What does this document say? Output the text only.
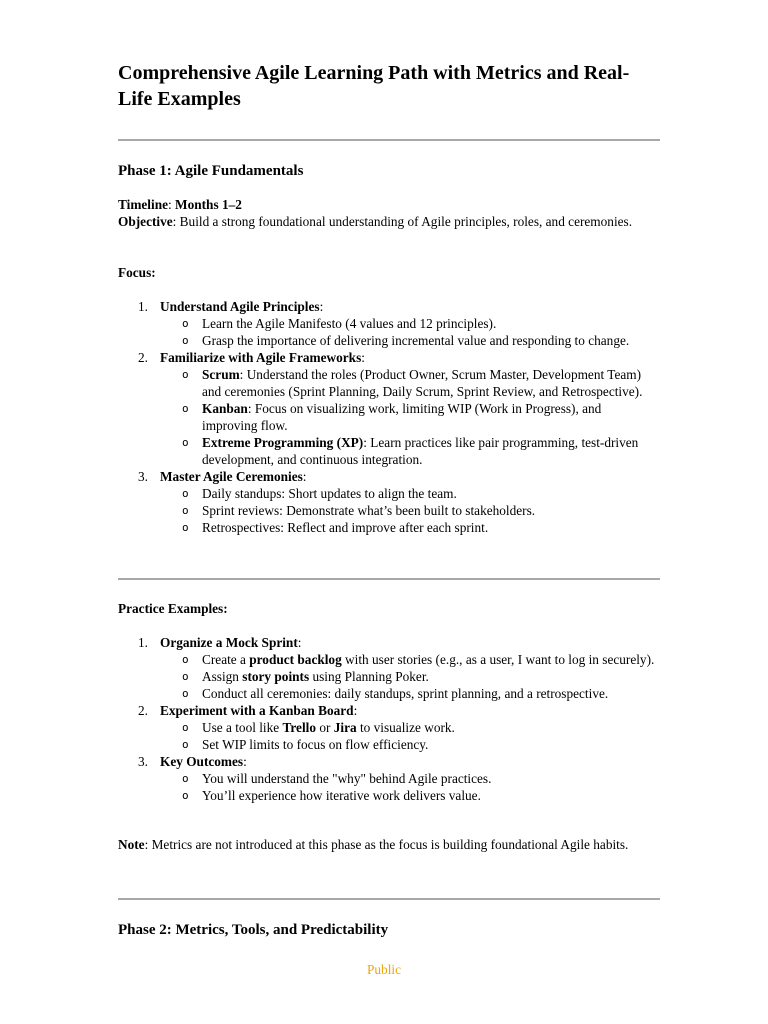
Comprehensive Agile Learning Path with Metrics and Real-Life Examples
Phase 1: Agile Fundamentals

Timeline: Months 1–2

Objective: Build a strong foundational understanding of Agile principles, roles, and ceremonies.

Focus:

1. Understand Agile Principles:
o Learn the Agile Manifesto (4 values and 12 principles).
o Grasp the importance of delivering incremental value and responding to change.
2. Familiarize with Agile Frameworks:
o Scrum: Understand the roles (Product Owner, Scrum Master, Development Team) and ceremonies (Sprint Planning, Daily Scrum, Sprint Review, and Retrospective).
o Kanban: Focus on visualizing work, limiting WIP (Work in Progress), and improving flow.
o Extreme Programming (XP): Learn practices like pair programming, test-driven development, and continuous integration.
3. Master Agile Ceremonies:
o Daily standups: Short updates to align the team.
o Sprint reviews: Demonstrate what’s been built to stakeholders.
o Retrospectives: Reflect and improve after each sprint.

Practice Examples:

1. Organize a Mock Sprint:
o Create a product backlog with user stories (e.g., as a user, I want to log in securely).
o Assign story points using Planning Poker.
o Conduct all ceremonies: daily standups, sprint planning, and a retrospective.
2. Experiment with a Kanban Board:
o Use a tool like Trello or Jira to visualize work.
o Set WIP limits to focus on flow efficiency.
3. Key Outcomes:
o You will understand the "why" behind Agile practices.
o You’ll experience how iterative work delivers value.

Note: Metrics are not introduced at this phase as the focus is building foundational Agile habits.

Phase 2: Metrics, Tools, and Predictability
Public
